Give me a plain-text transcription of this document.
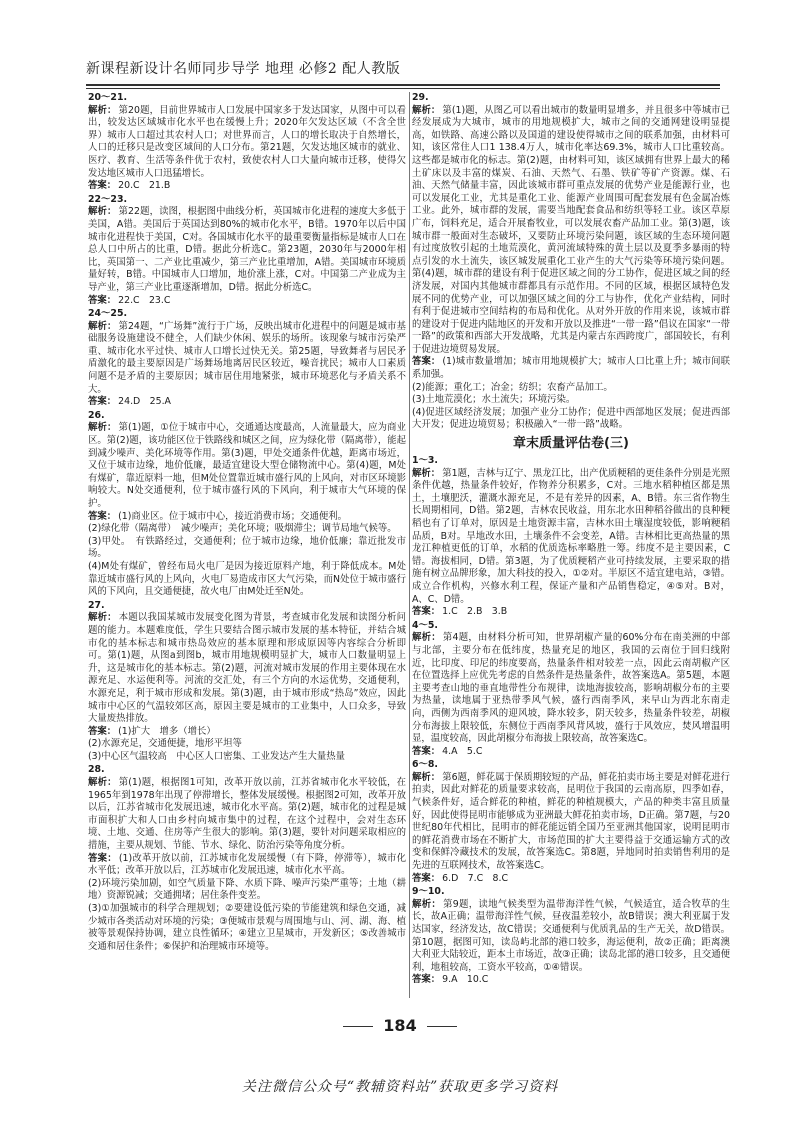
新课程新设计名师同步导学 地理 必修2 配人教版
20～21.
解析： 第20题，目前世界城市人口发展中国家多于发达国家，从图中可以看出，较发达区域城市化水平也在缓慢上升；2020年欠发达区域（不含全世界）城市人口超过其农村人口；对世界而言，人口的增长取决于自然增长，人口的迁移只是改变区域间的人口分布。第21题，欠发达地区城市的就业、医疗、教育、生活等条件优于农村，致使农村人口大量向城市迁移，使得欠发达地区城市人口迅猛增长。
答案： 20.C　21.B
22～23.
解析： 第22题，读图，根据图中曲线分析，英国城市化进程的速度大多低于美国，A错。美国后于英国达到80%的城市化水平，B错。1970年以后中国城市化进程快于美国，C对。各国城市化水平的最重要衡量指标是城市人口在总人口中所占的比重，D错。据此分析选C。第23题，2030年与2000年相比，英国第一、二产业比重减少，第三产业比重增加，A错。美国城市环境质量好转，B错。中国城市人口增加，地价涨上涨，C对。中国第二产业成为主导产业，第三产业比重逐渐增加，D错。据此分析选C。
答案： 22.C　23.C
24～25.
解析： 第24题，“广场舞”流行于广场，反映出城市化进程中的问题是城市基础服务设施建设不健全，人们缺少休闲、娱乐的场所。该现象与城市污染严重、城市化水平过快、城市人口增长过快无关。第25题，导致舞者与居民矛盾激化的最主要原因是广场舞场地离居民区较近，噪音扰民；城市人口素质问题不是矛盾的主要原因；城市居住用地紧张，城市环境恶化与矛盾关系不大。
答案： 24.D　25.A
26.
解析： 第(1)题，①位于城市中心，交通通达度最高，人流量最大，应为商业区。第(2)题，该功能区位于铁路线和城区之间，应为绿化带（隔离带），能起到减少噪声、美化环境等作用。第(3)题，甲处交通条件优越，距离市场近，又位于城市边缘，地价低廉，最适宜建设大型仓储物流中心。第(4)题，M处有煤矿，靠近原料一地，但M处位置靠近城市盛行风的上风向，对市区环境影响较大。N处交通便利，位于城市盛行风的下风向，利于城市大气环境的保护。
答案： (1)商业区。位于城市中心，接近消费市场；交通便利。
(2)绿化带（隔离带）　减少噪声；美化环境；吸烟滞尘；调节局地气候等。
(3)甲处。　有铁路经过，交通便利；位于城市边缘，地价低廉；靠近批发市场。
(4)M处有煤矿，曾经布局火电厂是因为接近原料产地，利于降低成本。M处靠近城市盛行风的上风向，火电厂易造成市区大气污染，而N处位于城市盛行风的下风向，且交通便捷，故火电厂由M处迁至N处。
27.
解析： 本题以我国某城市发展变化图为背景，考查城市化发展和读图分析问题的能力。本题难度低，学生只要结合图示城市发展的基本特征，并结合城市化的基本标志和城市热岛效应的基本原理和形成原因等内容综合分析即可。第(1)题，从图a到图b，城市用地规模明显扩大，城市人口数量明显上升，这是城市化的基本标志。第(2)题，河流对城市发展的作用主要体现在水源充足、水运便利等。河流的交汇处，有三个方向的水运优势，交通便利，水源充足，利于城市形成和发展。第(3)题，由于城市形成“热岛”效应，因此城市中心区的气温较郊区高，原因主要是城市的工业集中，人口众多，导致大量废热排放。
答案： (1)扩大　增多（增长）
(2)水源充足，交通便捷，地形平坦等
(3)中心区气温较高　中心区人口密集、工业发达产生大量热量
28.
解析： 第(1)题，根据图1可知，改革开放以前，江苏省城市化水平较低，在1965年到1978年出现了停滞增长，整体发展缓慢。根据图2可知，改革开放以后，江苏省城市化发展迅速，城市化水平高。第(2)题，城市化的过程是城市面积扩大和人口由乡村向城市集中的过程，在这个过程中，会对生态环境、土地、交通、住房等产生很大的影响。第(3)题，要针对问题采取相应的措施，主要从规划、节能、节水、绿化、防治污染等角度分析。
答案： (1)改革开放以前，江苏城市化发展缓慢（有下降，停滞等），城市化水平低；改革开放以后，江苏城市化发展迅速，城市化水平高。
(2)环境污染加剧，如空气质量下降、水质下降、噪声污染严重等；土地（耕地）资源锐减；交通拥堵；居住条件变差。
(3)①加强城市的科学合理规划；②要建设低污染的节能建筑和绿色交通，减少城市各类活动对环境的污染；③便城市景观与周围地与山、河、湖、海、植被等景观保持协调，建立良性循环；④建立卫星城市，开发新区；⑤改善城市交通和居住条件；⑥保护和治理城市环境等。
29.
解析： 第(1)题，从图乙可以看出城市的数量明显增多，并且很多中等城市已经发展成为大城市，城市的用地规模扩大，城市之间的交通网建设明显提高，如铁路、高速公路以及国道的建设使得城市之间的联系加强，由材料可知，该区常住人口1 138.4万人，城市化率达69.3%，城市人口比重较高。这些都是城市化的标志。第(2)题，由材料可知，该区域拥有世界上最大的稀土矿床以及丰富的煤炭、石油、天然气、石墨、铁矿等矿产资源。煤、石油、天然气储量丰富，因此该城市群可重点发展的优势产业是能源行业，也可以发展化工业，尤其是重化工业、能源产业周围可配套发展有色金属冶炼工业。此外，城市群的发展，需要当地配套食品和纺织等轻工业。该区草原广布，饲料充足，适合开展畜牧业，可以发展农畜产品加工业。第(3)题，该城市群一般面对生态破坏，又要防止环境污染问题，该区域的生态环境问题有过度放牧引起的土地荒漠化，黄河流域特殊的黄土层以及夏季多暴雨的特点引发的水土流失，该区城发展重化工业产生的大气污染等环境污染问题。第(4)题，城市群的建设有利于促进区域之间的分工协作，促进区域之间的经济发展，对国内其他城市群都具有示范作用。不同的区域，根据区域特色发展不同的优势产业，可以加强区域之间的分工与协作，优化产业结构，同时有利于促进城市空间结构的布局和优化。从对外开放的作用来说，该城市群的建设对于促进内陆地区的开发和开放以及推进“一带一路”倡议在国家“一带一路”的政策和西部大开发战略，尤其是内蒙古东西跨度广，部国较长，有利于促进边境贸易发展。
答案： (1)城市数量增加；城市用地规模扩大；城市人口比重上升；城市间联系加强。
(2)能源；重化工；冶金；纺织；农畜产品加工。
(3)土地荒漠化；水土流失；环境污染。
(4)促进区域经济发展；加强产业分工协作；促进中西部地区发展；促进西部大开发；促进边境贸易；积极融入“一带一路”战略。
章末质量评估卷(三)
1～3.
解析： 第1题，吉林与辽宁、黑龙江比，出产优质粳稻的更佳条件分别是光照条件优越，热量条件较好，作物养分积累多，C对。三地水稻种植区都是黑土，土壤肥沃，灌溉水源充足，不是有差异的因素，A、B错。东三省作物生长周期相同，D错。第2题，吉林农民收益，用东北水田种稻谷做出的良种粳稻也有了订单对，原因是土地资源丰富，吉林水田土壤湿度较低，影响粳稻品质，B对。旱地改水田，土壤条件不会变差，A错。吉林相比更高热量的黑龙江种植更低的订单，水稻的优质选标率略胜一筹。纬度不是主要因素，C错。海拔相同，D错。第3题，为了优质粳稻产业可持续发展，主要采取的措施有树立品牌形象，加大科技的投入，①②对。半原区不适宜建电站，③错。成立合作机构，兴修水利工程，保证产量和产品销售稳定，④⑤对。B对，A、C、D错。
答案： 1.C　2.B　3.B
4～5.
解析： 第4题，由材料分析可知，世界胡椒产量的60%分布在南美洲的中部与北部，主要分布在低纬度，热量充足的地区，我国的云南位于回归线附近，比印度、印尼的纬度要高，热量条件相对较差一点，因此云南胡椒产区在位置选择上应优先考虑的自然条件是热量条件，故答案选A。第5题，本题主要考查山地的垂直地带性分布规律，读地海拔较高，影响胡椒分布的主要为热量，读地属于亚热带季风气候，盛行西南季风，来早山为西北东南走向，西侧为西南季风的迎风坡，降水较多，阴天较多，热量条件较差，胡椒分布海拔上限较低，东侧位于西南季风背风坡，盛行于风效应，焚风增温明显，温度较高，因此胡椒分布海拔上限较高，故答案选C。
答案： 4.A　5.C
6～8.
解析： 第6题，鲜花属于保质期较短的产品，鲜花拍卖市场主要是对鲜花进行拍卖，因此对鲜花的质量要求较高，昆明位于我国的云南高原，四季如春，气候条件好，适合鲜花的种植，鲜花的种植规模大，产品的种类丰富且质量好，因此使得昆明市能够成为亚洲最大鲜花拍卖市场，D正确。第7题，与20世纪80年代相比，昆明市的鲜花能远销全国乃至亚洲其他国家，说明昆明市的鲜花消费市场在不断扩大，市场范围的扩大主要得益于交通运输方式的改变和保鲜冷藏技术的发展，故答案选C。第8题，异地同时拍卖销售利用的是先进的互联网技术，故答案选C。
答案： 6.D　7.C　8.C
9～10.
解析： 第9题，读地气候类型为温带海洋性气候，气候适宜，适合牧草的生长，故A正确；温带海洋性气候，昼夜温差较小，故B错误；澳大利亚属于发达国家，经济发达，故C错误；交通便利与优质乳品的生产无关，故D错误。第10题，据图可知，读岛屿北部的港口较多，海运便利，故②正确；距离澳大利亚大陆较近，距本土市场近，故③正确；读岛北部的港口较多，且交通便利，地租较高，工资水平较高，①④错误。
答案： 9.A　10.C
184
关注微信公众号“教辅资料站”获取更多学习资料
